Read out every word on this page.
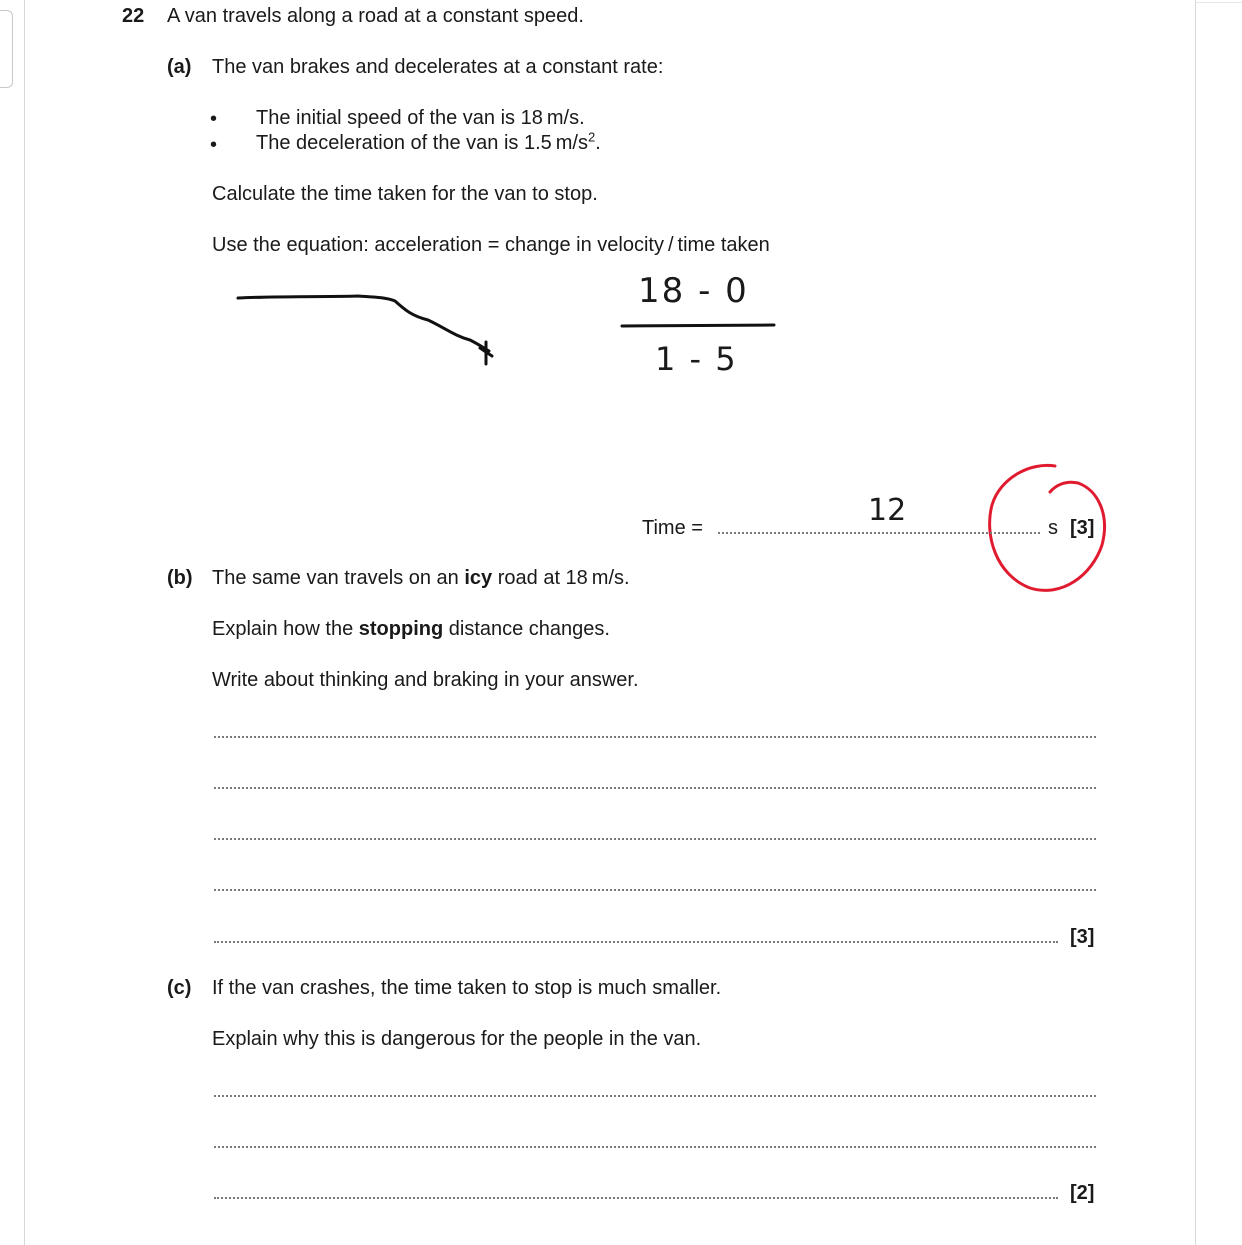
22 A van travels along a road at a constant speed.
(a) The van brakes and decelerates at a constant rate:
• The initial speed of the van is 18 m/s.
• The deceleration of the van is 1.5 $m/s^2$.
Calculate the time taken for the van to stop.
Use the equation: acceleration = change in velocity / time taken
18 - 0
1 - 5
12
Time =	s [3]
(b) The same van travels on an icy road at 18 m/s.
Explain how the stopping distance changes.
Write about thinking and braking in your answer.
[3]
(c) If the van crashes, the time taken to stop is much smaller.
Explain why this is dangerous for the people in the van.
[2]
